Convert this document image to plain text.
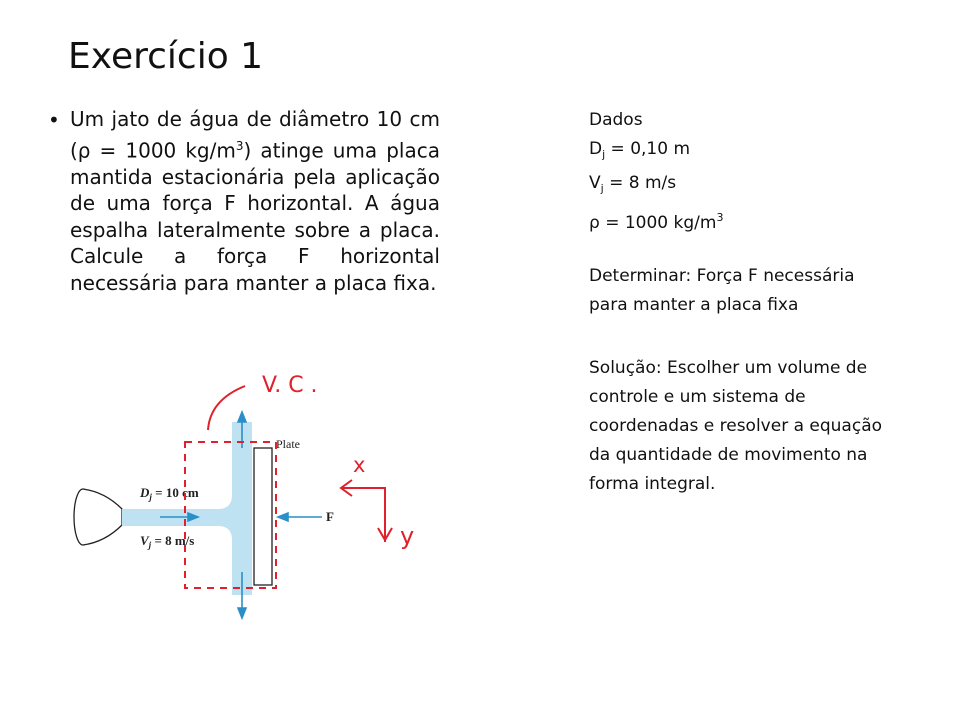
Exercício 1
• Um jato de água de diâmetro 10 cm (ρ = 1000 $kg/m^3$) atinge uma placa mantida estacionária pela aplicação de uma força F horizontal. A água espalha lateralmente sobre a placa. Calcule a força F horizontal necessária para manter a placa fixa.

Dados

$D_j = 0,10$ m

$V_j = 8$ m/s

ρ = 1000 $kg/m^3$

Determinar: Força F necessária

para manter a placa fixa

Solução: Escolher um volume de

controle e um sistema de

coordenadas e resolver a equação

da quantidade de movimento na

forma integral.

Plate
F
$D_j = 10$ cm
$V_j = 8$ m/s
V. C .
x
y
